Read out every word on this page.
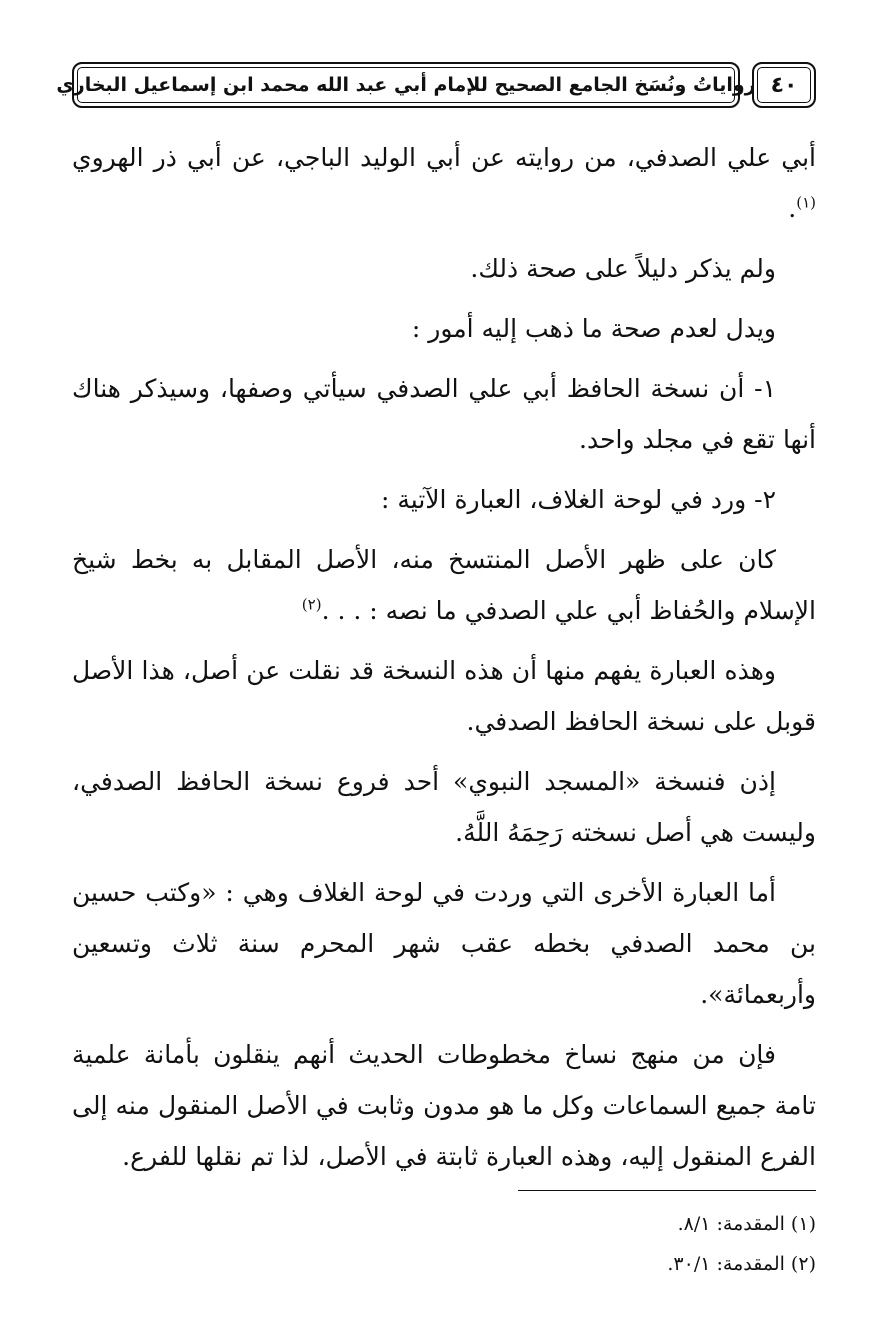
رواياتُ ونُسَخ الجامع الصحيح للإمام أبي عبد الله محمد ابن إسماعيل البخاري ٤٠

أبي علي الصدفي، من روايته عن أبي الوليد الباجي، عن أبي ذر الهروي $^{(١)}$.

ولم يذكر دليلاً على صحة ذلك.

ويدل لعدم صحة ما ذهب إليه أمور :

١- أن نسخة الحافظ أبي علي الصدفي سيأتي وصفها، وسيذكر هناك أنها تقع في مجلد واحد.

٢- ورد في لوحة الغلاف، العبارة الآتية :

كان على ظهر الأصل المنتسخ منه، الأصل المقابل به بخط شيخ الإسلام والحُفاظ أبي علي الصدفي ما نصه : . . .$^{(٢)}$

وهذه العبارة يفهم منها أن هذه النسخة قد نقلت عن أصل، هذا الأصل قوبل على نسخة الحافظ الصدفي.

إذن فنسخة «المسجد النبوي» أحد فروع نسخة الحافظ الصدفي، وليست هي أصل نسخته رَحِمَهُ اللَّهُ.

أما العبارة الأخرى التي وردت في لوحة الغلاف وهي : «وكتب حسين بن محمد الصدفي بخطه عقب شهر المحرم سنة ثلاث وتسعين وأربعمائة».

فإن من منهج نساخ مخطوطات الحديث أنهم ينقلون بأمانة علمية تامة جميع السماعات وكل ما هو مدون وثابت في الأصل المنقول منه إلى الفرع المنقول إليه، وهذه العبارة ثابتة في الأصل، لذا تم نقلها للفرع.

(١) المقدمة: ٨/١.
(٢) المقدمة: ٣٠/١.
